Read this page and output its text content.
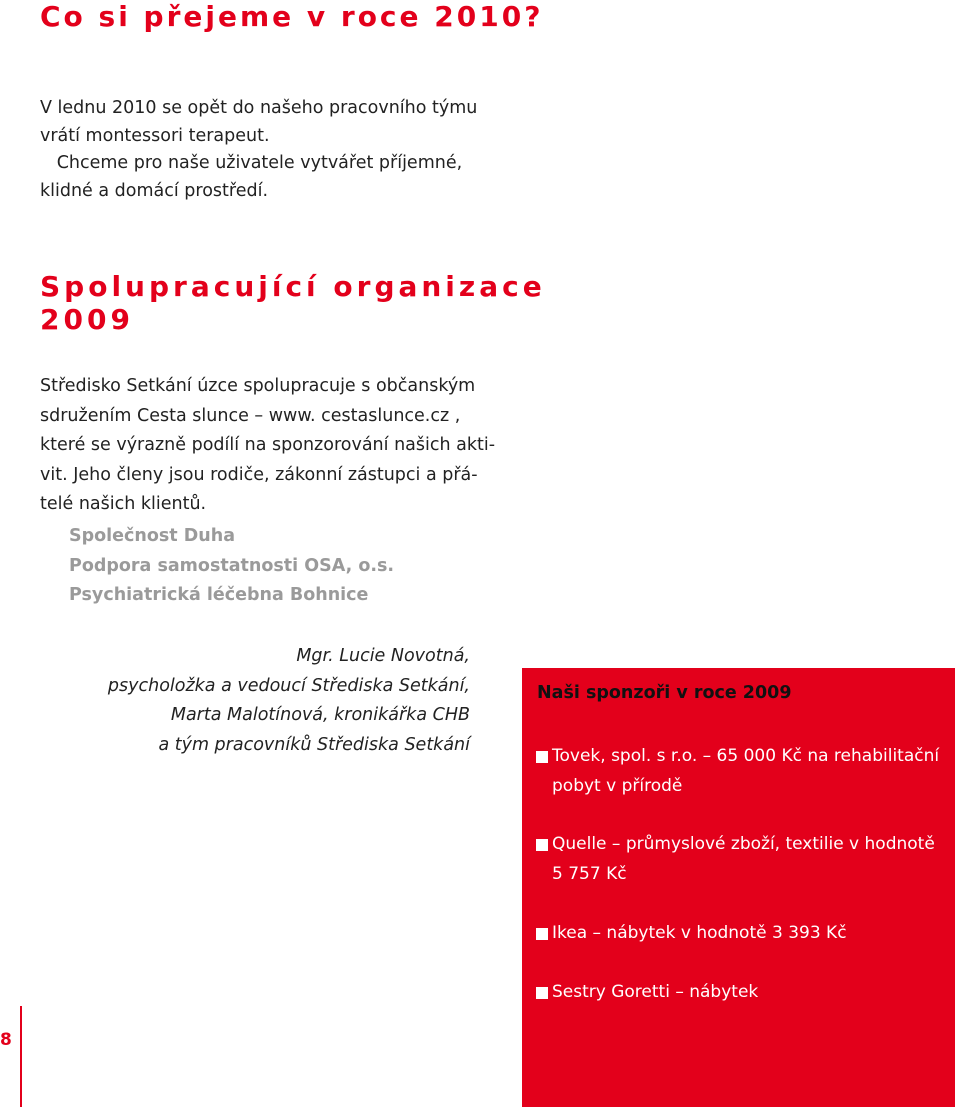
Co si přejeme v roce 2010?
V lednu 2010 se opět do našeho pracovního týmu
vrátí montessori terapeut.
Chceme pro naše uživatele vytvářet příjemné,
klidné a domácí prostředí.
Spolupracující organizace
2009
Středisko Setkání úzce spolupracuje s občanským
sdružením Cesta slunce – www. cestaslunce.cz ,
které se výrazně podílí na sponzorování našich akti-
vit. Jeho členy jsou rodiče, zákonní zástupci a přá-
telé našich klientů.
Společnost Duha
Podpora samostatnosti OSA, o.s.
Psychiatrická léčebna Bohnice
Mgr. Lucie Novotná,
psycholožka a vedoucí Střediska Setkání,
Marta Malotínová, kronikářka CHB
a tým pracovníků Střediska Setkání
Naši sponzoři v roce 2009
Tovek, spol. s r.o. – 65 000 Kč na rehabilitační pobyt v přírodě
Quelle – průmyslové zboží, textilie v hodnotě 5 757 Kč
Ikea – nábytek v hodnotě 3 393 Kč
Sestry Goretti – nábytek
8
